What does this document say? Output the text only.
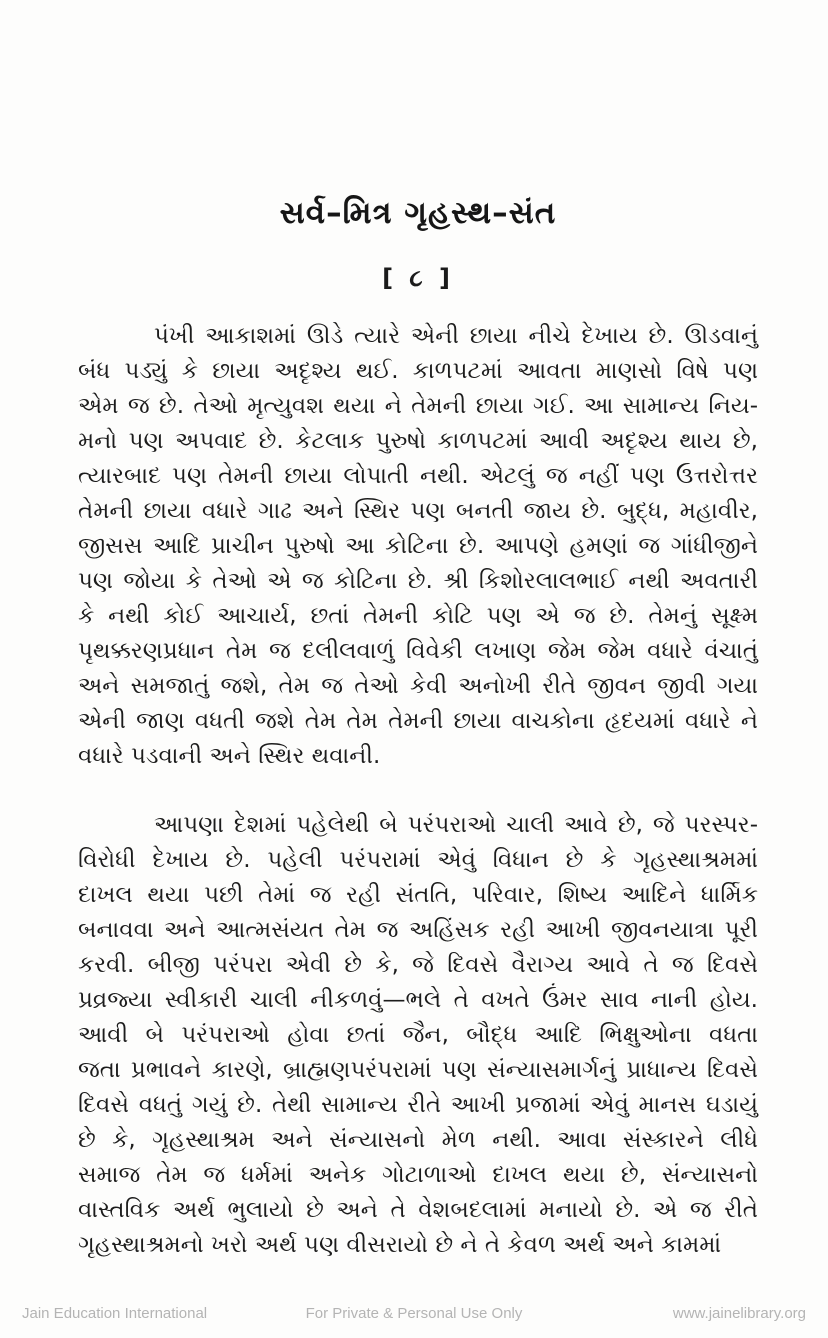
સર્વ–મિત્ર ગૃહસ્થ–સંત
[ ૮ ]
પંખી આકાશમાં ઊડે ત્યારે એની છાયા નીચે દેખાય છે. ઊડવાનું
બંધ પડ્યું કે છાયા અદૃશ્ય થઈ. કાળપટમાં આવતા માણસો વિષે પણ
એમ જ છે. તેઓ મૃત્યુવશ થયા ને તેમની છાયા ગઈ. આ સામાન્ય નિય-
મનો પણ અપવાદ છે. કેટલાક પુરુષો કાળપટમાં આવી અદૃશ્ય થાય છે,
ત્યારબાદ પણ તેમની છાયા લોપાતી નથી. એટલું જ નહીં પણ ઉત્તરોત્તર
તેમની છાયા વધારે ગાઢ અને સ્થિર પણ બનતી જાય છે. બુદ્ધ, મહાવીર,
જીસસ આદિ પ્રાચીન પુરુષો આ કોટિના છે. આપણે હમણાં જ ગાંધીજીને
પણ જોયા કે તેઓ એ જ કોટિના છે. શ્રી કિશોરલાલભાઈ નથી અવતારી
કે નથી કોઈ આચાર્ય, છતાં તેમની કોટિ પણ એ જ છે. તેમનું સૂક્ષ્મ
પૃથક્કરણપ્રધાન તેમ જ દલીલવાળું વિવેકી લખાણ જેમ જેમ વધારે વંચાતું
અને સમજાતું જશે, તેમ જ તેઓ કેવી અનોખી રીતે જીવન જીવી ગયા
એની જાણ વધતી જશે તેમ તેમ તેમની છાયા વાચકોના હૃદયમાં વધારે ને
વધારે પડવાની અને સ્થિર થવાની.
આપણા દેશમાં પહેલેથી બે પરંપરાઓ ચાલી આવે છે, જે પરસ્પર-
વિરોધી દેખાય છે. પહેલી પરંપરામાં એવું વિધાન છે કે ગૃહસ્થાશ્રમમાં
દાખલ થયા પછી તેમાં જ રહી સંતતિ, પરિવાર, શિષ્ય આદિને ધાર્મિક
બનાવવા અને આત્મસંયત તેમ જ અહિંસક રહી આખી જીવનયાત્રા પૂરી
કરવી. બીજી પરંપરા એવી છે કે, જે દિવસે વૈરાગ્ય આવે તે જ દિવસે
પ્રવ્રજ્યા સ્વીકારી ચાલી નીકળવું—ભલે તે વખતે ઉંમર સાવ નાની હોય.
આવી બે પરંપરાઓ હોવા છતાં જૈન, બૌદ્ધ આદિ ભિક્ષુઓના વધતા
જતા પ્રભાવને કારણે, બ્રાહ્મણપરંપરામાં પણ સંન્યાસમાર્ગનું પ્રાધાન્ય દિવસે
દિવસે વધતું ગયું છે. તેથી સામાન્ય રીતે આખી પ્રજામાં એવું માનસ ઘડાયું
છે કે, ગૃહસ્થાશ્રમ અને સંન્યાસનો મેળ નથી. આવા સંસ્કારને લીધે
સમાજ તેમ જ ધર્મમાં અનેક ગોટાળાઓ દાખલ થયા છે, સંન્યાસનો
વાસ્તવિક અર્થ ભુલાયો છે અને તે વેશબદલામાં મનાયો છે. એ જ રીતે
ગૃહસ્થાશ્રમનો ખરો અર્થ પણ વીસરાયો છે ને તે કેવળ અર્થ અને કામમાં
Jain Education International	For Private & Personal Use Only	www.jainelibrary.org
